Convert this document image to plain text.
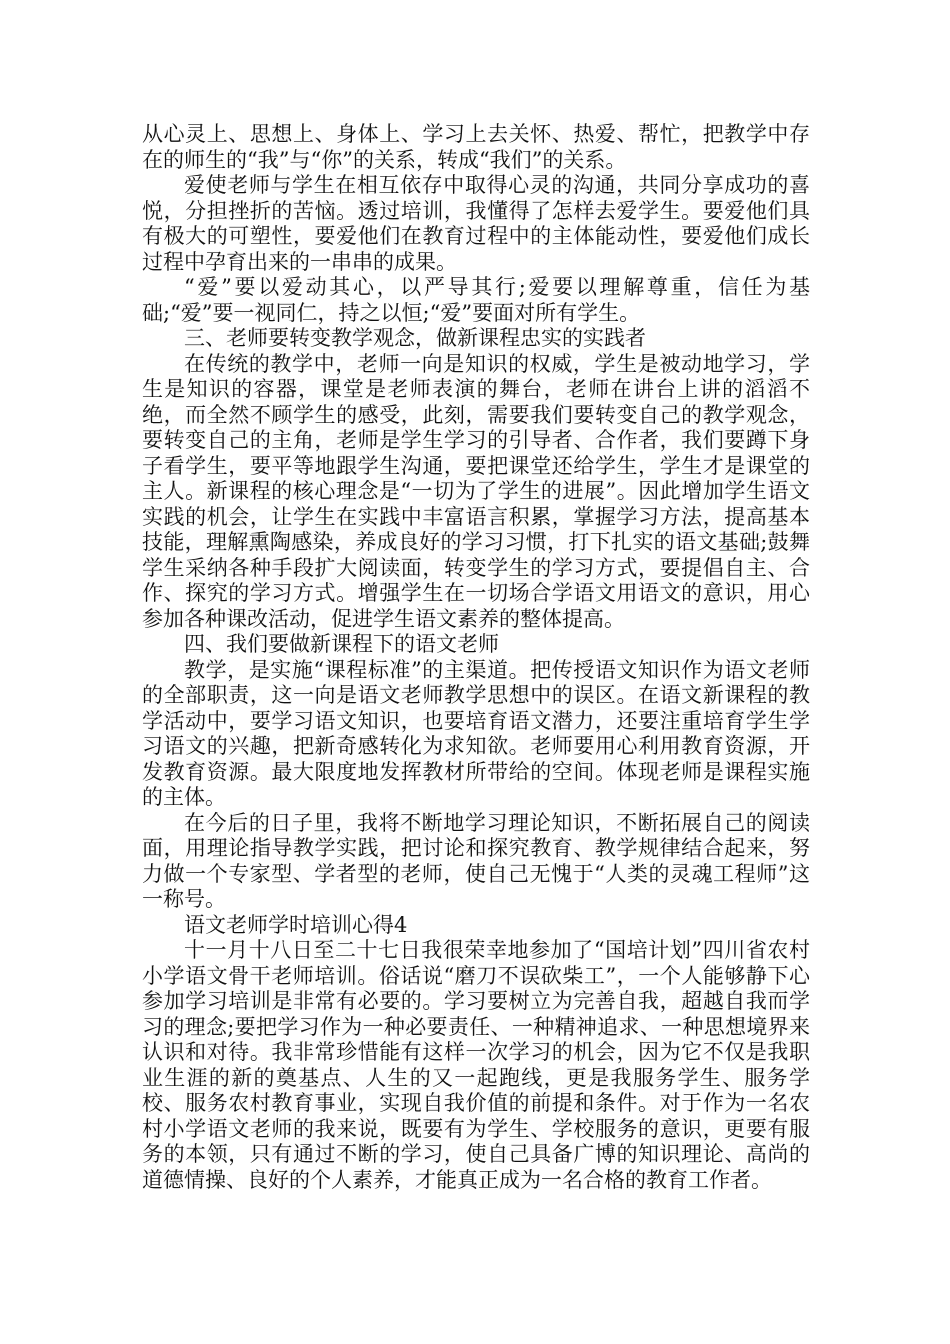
从心灵上、思想上、身体上、学习上去关怀、热爱、帮忙，把教学中存在的师生的“我”与“你”的关系，转成“我们”的关系。

爱使老师与学生在相互依存中取得心灵的沟通，共同分享成功的喜悦，分担挫折的苦恼。透过培训，我懂得了怎样去爱学生。要爱他们具有极大的可塑性，要爱他们在教育过程中的主体能动性，要爱他们成长过程中孕育出来的一串串的成果。

“爱”要以爱动其心，以严导其行;爱要以理解尊重，信任为基础;“爱”要一视同仁，持之以恒;“爱”要面对所有学生。

三、老师要转变教学观念，做新课程忠实的实践者

在传统的教学中，老师一向是知识的权威，学生是被动地学习，学生是知识的容器，课堂是老师表演的舞台，老师在讲台上讲的滔滔不绝，而全然不顾学生的感受，此刻，需要我们要转变自己的教学观念，要转变自己的主角，老师是学生学习的引导者、合作者，我们要蹲下身子看学生，要平等地跟学生沟通，要把课堂还给学生，学生才是课堂的主人。新课程的核心理念是“一切为了学生的进展”。因此增加学生语文实践的机会，让学生在实践中丰富语言积累，掌握学习方法，提高基本技能，理解熏陶感染，养成良好的学习习惯，打下扎实的语文基础;鼓舞学生采纳各种手段扩大阅读面，转变学生的学习方式，要提倡自主、合作、探究的学习方式。增强学生在一切场合学语文用语文的意识，用心参加各种课改活动，促进学生语文素养的整体提高。

四、我们要做新课程下的语文老师

教学，是实施“课程标准”的主渠道。把传授语文知识作为语文老师的全部职责，这一向是语文老师教学思想中的误区。在语文新课程的教学活动中，要学习语文知识，也要培育语文潜力，还要注重培育学生学习语文的兴趣，把新奇感转化为求知欲。老师要用心利用教育资源，开发教育资源。最大限度地发挥教材所带给的空间。体现老师是课程实施的主体。

在今后的日子里，我将不断地学习理论知识，不断拓展自己的阅读面，用理论指导教学实践，把讨论和探究教育、教学规律结合起来，努力做一个专家型、学者型的老师，使自己无愧于“人类的灵魂工程师”这一称号。

语文老师学时培训心得4

十一月十八日至二十七日我很荣幸地参加了“国培计划”四川省农村小学语文骨干老师培训。俗话说“磨刀不误砍柴工”，一个人能够静下心参加学习培训是非常有必要的。学习要树立为完善自我，超越自我而学习的理念;要把学习作为一种必要责任、一种精神追求、一种思想境界来认识和对待。我非常珍惜能有这样一次学习的机会，因为它不仅是我职业生涯的新的奠基点、人生的又一起跑线，更是我服务学生、服务学校、服务农村教育事业，实现自我价值的前提和条件。对于作为一名农村小学语文老师的我来说，既要有为学生、学校服务的意识，更要有服务的本领，只有通过不断的学习，使自己具备广博的知识理论、高尚的道德情操、良好的个人素养，才能真正成为一名合格的教育工作者。
